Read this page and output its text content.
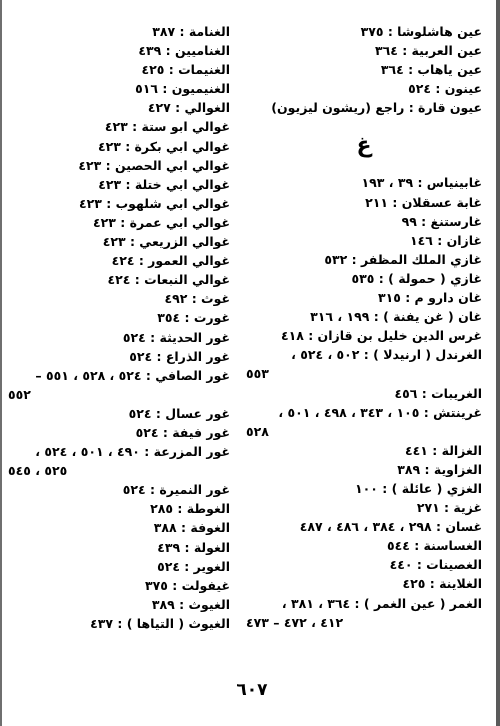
عين هاشلوشا : ٣٧٥
عين العربية : ٣٦٤
عين ياهاب : ٣٦٤
عينون : ٥٢٤
عيون قارة : راجع (ريشون ليزيون)
غ
غابينياس : ٣٩ ، ١٩٣
غابة عسقلان : ٢١١
غارستنغ : ٩٩
غازان : ١٤٦
غازي الملك المظفر : ٥٣٢
غازي ( حمولة ) : ٥٣٥
غان دارو م : ٣١٥
غان ( غن يفنة ) : ١٩٩ ، ٣١٦
غرس الدين خليل بن قازان : ٤١٨
الغرندل ( ارنيدلا ) : ٥٠٢ ، ٥٢٤ ،
٥٥٣
الغريبات : ٤٥٦
غرينتش : ١٠٥ ، ٣٤٣ ، ٤٩٨ ، ٥٠١ ،
٥٢٨
الغزالة : ٤٤١
الغزاوية : ٣٨٩
الغزي ( عائلة ) : ١٠٠
غزية : ٢٧١
غسان : ٢٩٨ ، ٣٨٤ ، ٤٨٦ ، ٤٨٧
الغساسنة : ٥٤٤
الغصينات : ٤٤٠
الغلاينة : ٤٢٥
الغمر ( عين الغمر ) : ٣٦٤ ، ٣٨١ ،
٤١٢ ، ٤٧٢ – ٤٧٣
الغنامة : ٣٨٧
الغناميين : ٤٣٩
الغنيمات : ٤٢٥
الغنيميون : ٥١٦
الغوالي : ٤٢٧
غوالي ابو ستة : ٤٢٣
غوالي ابي بكرة : ٤٢٣
غوالي ابي الحصين : ٤٢٣
غوالي ابي ختلة : ٤٢٣
غوالي ابي شلهوب : ٤٢٣
غوالي ابي عمرة : ٤٢٣
غوالي الزريعي : ٤٢٣
غوالي العمور : ٤٢٤
غوالي النبعات : ٤٢٤
غوث : ٤٩٢
غورت : ٣٥٤
غور الحديثة : ٥٢٤
غور الذراع : ٥٢٤
غور الصافي : ٥٢٤ ، ٥٢٨ ، ٥٥١ –
٥٥٢
غور عسال : ٥٢٤
غور فيفة : ٥٢٤
غور المزرعة : ٤٩٠ ، ٥٠١ ، ٥٢٤ ،
٥٢٥ ، ٥٤٥
غور النميرة : ٥٢٤
الغوطة : ٢٨٥
الغوفة : ٣٨٨
الغولة : ٤٣٩
الغوير : ٥٢٤
غيفولت : ٣٧٥
الغيوث : ٣٨٩
الغيوث ( التياها ) : ٤٣٧
٦٠٧
